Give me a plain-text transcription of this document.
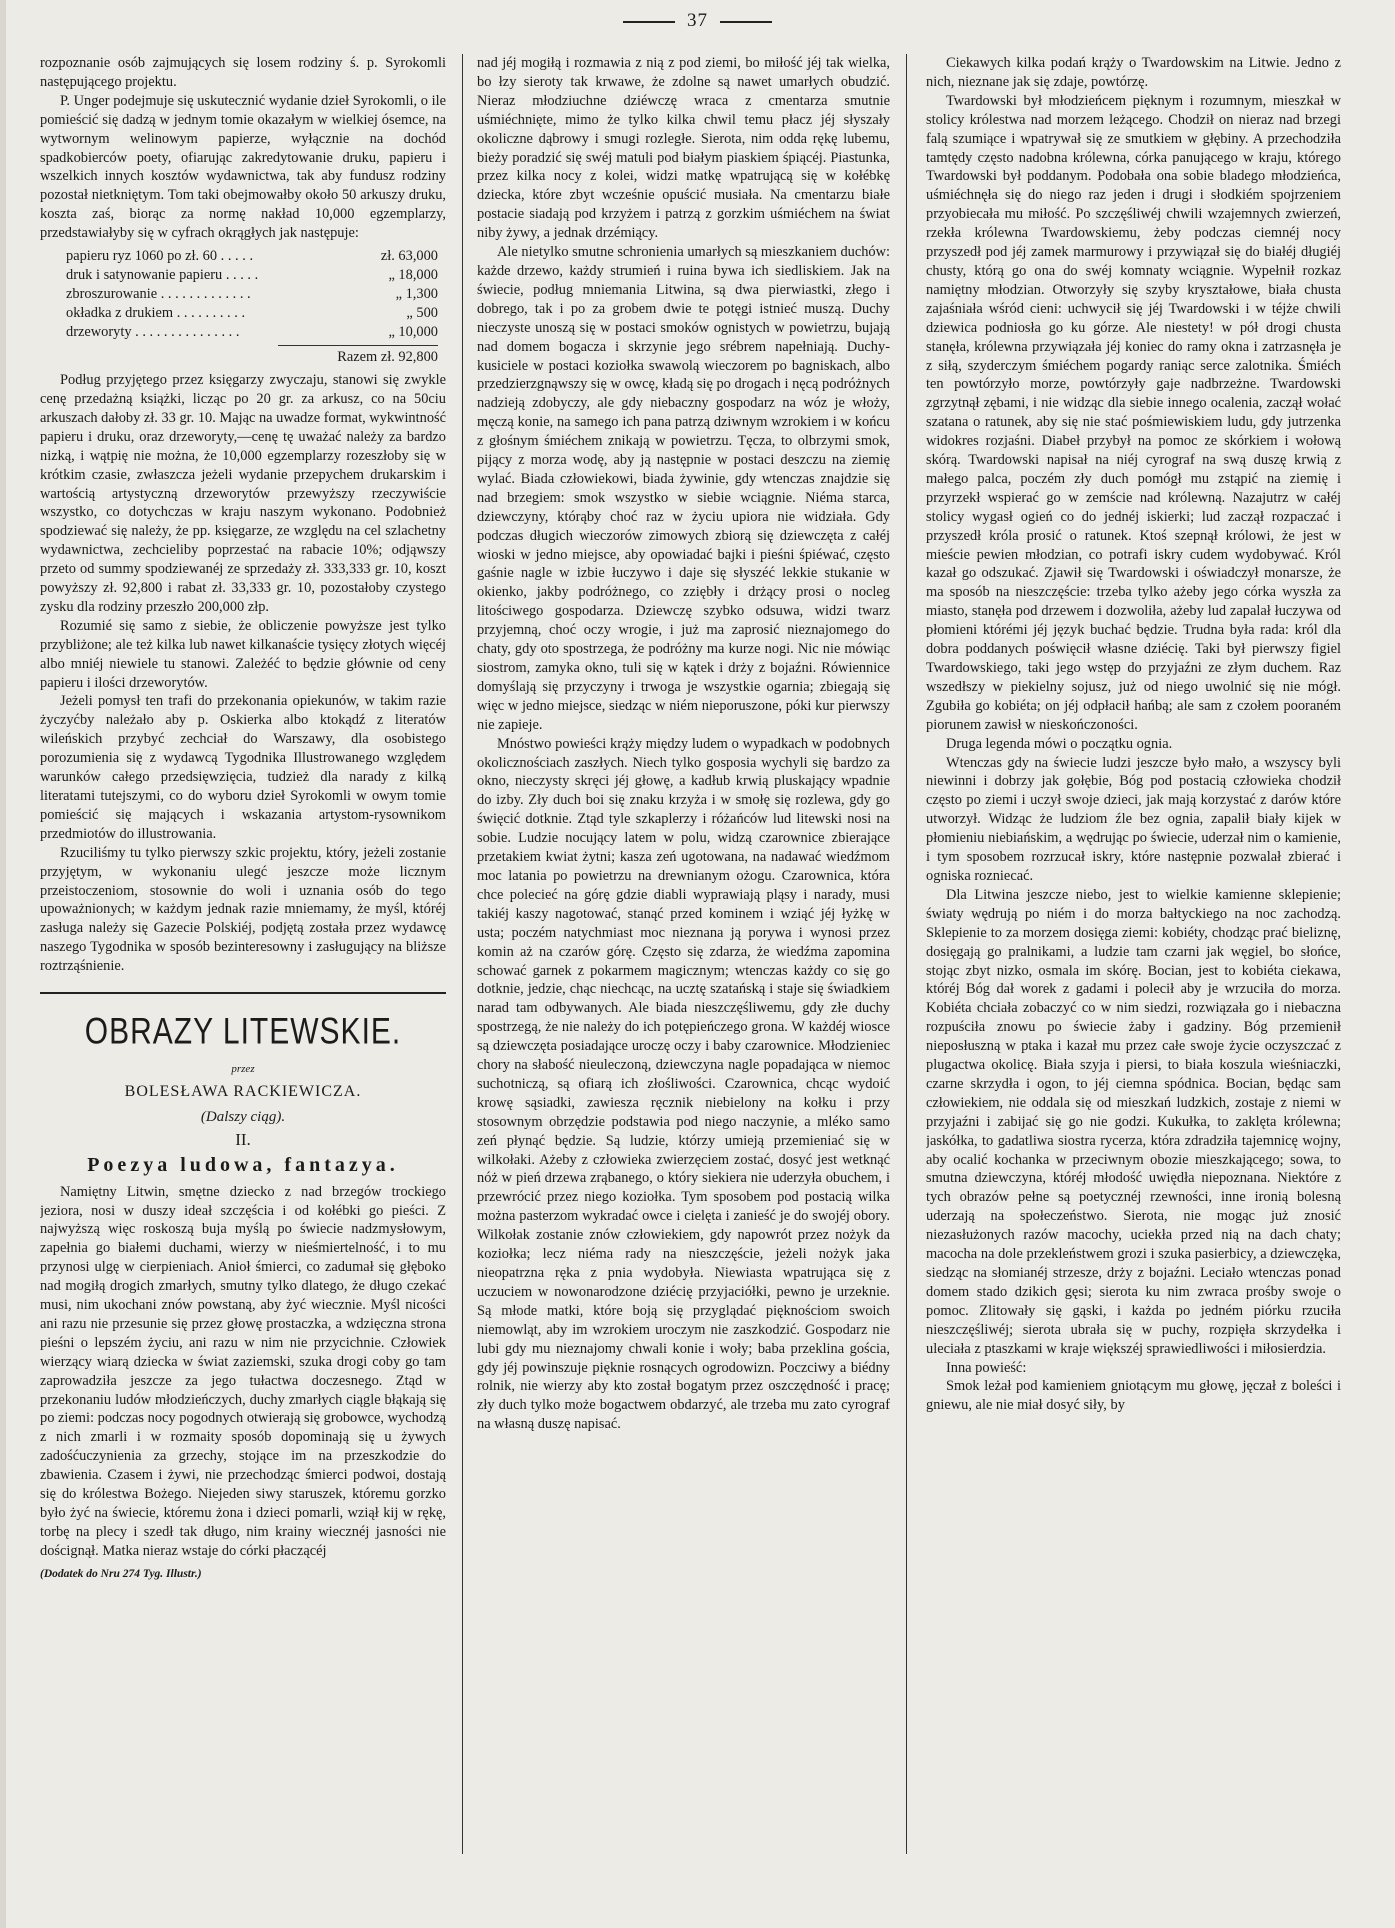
37

rozpoznanie osób zajmujących się losem rodziny ś. p. Syrokomli następującego projektu.

P. Unger podejmuje się uskutecznić wydanie dzieł Syrokomli, o ile pomieścić się dadzą w jednym tomie okazałym w wielkiej ósemce, na wytwornym welinowym papierze, wyłącznie na dochód spadkobierców poety, ofiarując zakredytowanie druku, papieru i wszelkich innych kosztów wydawnictwa, tak aby fundusz rodziny pozostał nietkniętym. Tom taki obejmowałby około 50 arkuszy druku, koszta zaś, biorąc za normę nakład 10,000 egzemplarzy, przedstawiałyby się w cyfrach okrągłych jak następuje:

papieru ryz 1060 po zł. 60 . . . . .	zł. 63,000
druk i satynowanie papieru . . . . .	„ 18,000
zbroszurowanie . . . . . . . . . . . . .	„ 1,300
okładka z drukiem . . . . . . . . . .	„ 500
drzeworyty . . . . . . . . . . . . . . .	„ 10,000
Razem zł. 92,800

Podług przyjętego przez księgarzy zwyczaju, stanowi się zwykle cenę przedażną książki, licząc po 20 gr. za arkusz, co na 50ciu arkuszach dałoby zł. 33 gr. 10. Mając na uwadze format, wykwintność papieru i druku, oraz drzeworyty,—cenę tę uważać należy za bardzo nizką, i wątpię nie można, że 10,000 egzemplarzy rozeszłoby się w krótkim czasie, zwłaszcza jeżeli wydanie przepychem drukarskim i wartością artystyczną drzeworytów przewyższy rzeczywiście wszystko, co dotychczas w kraju naszym wykonano. Podobnież spodziewać się należy, że pp. księgarze, ze względu na cel szlachetny wydawnictwa, zechcieliby poprzestać na rabacie 10%; odjąwszy przeto od summy spodziewanéj ze sprzedaży zł. 333,333 gr. 10, koszt powyższy zł. 92,800 i rabat zł. 33,333 gr. 10, pozostałoby czystego zysku dla rodziny przeszło 200,000 złp.

Rozumié się samo z siebie, że obliczenie powyższe jest tylko przybliżone; ale też kilka lub nawet kilkanaście tysięcy złotych więcéj albo mniéj niewiele tu stanowi. Zależéć to będzie głównie od ceny papieru i ilości drzeworytów.

Jeżeli pomysł ten trafi do przekonania opiekunów, w takim razie życzyćby należało aby p. Oskierka albo ktokądź z literatów wileńskich przybyć zechciał do Warszawy, dla osobistego porozumienia się z wydawcą Tygodnika Illustrowanego względem warunków całego przedsięwzięcia, tudzież dla narady z kilką literatami tutejszymi, co do wyboru dzieł Syrokomli w owym tomie pomieścić się mających i wskazania artystom-rysownikom przedmiotów do illustrowania.

Rzuciliśmy tu tylko pierwszy szkic projektu, który, jeżeli zostanie przyjętym, w wykonaniu ulegć jeszcze może licznym przeistoczeniom, stosownie do woli i uznania osób do tego upoważnionych; w każdym jednak razie mniemamy, że myśl, któréj zasługa należy się Gazecie Polskiéj, podjętą została przez wydawcę naszego Tygodnika w sposób bezinteresowny i zasługujący na bliższe roztrząśnienie.

OBRAZY LITEWSKIE.
przez
BOLESŁAWA RACKIEWICZA.
(Dalszy ciąg).
II.
Poezya ludowa, fantazya.

Namiętny Litwin, smętne dziecko z nad brzegów trockiego jeziora, nosi w duszy ideał szczęścia i od kołébki go pieści. Z najwyższą więc roskoszą buja myślą po świecie nadzmysłowym, zapełnia go białemi duchami, wierzy w nieśmiertelność, i to mu przynosi ulgę w cierpieniach. Anioł śmierci, co zadumał się głęboko nad mogiłą drogich zmarłych, smutny tylko dlatego, że długo czekać musi, nim ukochani znów powstaną, aby żyć wiecznie. Myśl nicości ani razu nie przesunie się przez głowę prostaczka, a wdzięczna strona pieśni o lepszém życiu, ani razu w nim nie przycichnie. Człowiek wierzący wiarą dziecka w świat zaziemski, szuka drogi coby go tam zaprowadziła jeszcze za jego tułactwa doczesnego. Ztąd w przekonaniu ludów młodzieńczych, duchy zmarłych ciągle błąkają się po ziemi: podczas nocy pogodnych otwierają się grobowce, wychodzą z nich zmarli i w rozmaity sposób dopominają się u żywych zadośćuczynienia za grzechy, stojące im na przeszkodzie do zbawienia. Czasem i żywi, nie przechodząc śmierci podwoi, dostają się do królestwa Bożego. Niejeden siwy staruszek, któremu gorzko było żyć na świecie, któremu żona i dzieci pomarli, wziął kij w rękę, torbę na plecy i szedł tak długo, nim krainy wiecznéj jasności nie doścignął. Matka nieraz wstaje do córki płaczącéj

(Dodatek do Nru 274 Tyg. Illustr.)

nad jéj mogiłą i rozmawia z nią z pod ziemi, bo miłość jéj tak wielka, bo łzy sieroty tak krwawe, że zdolne są nawet umarłych obudzić. Nieraz młodziuchne dziéwczę wraca z cmentarza smutnie uśmiéchnięte, mimo że tylko kilka chwil temu płacz jéj słyszały okoliczne dąbrowy i smugi rozległe. Sierota, nim odda rękę lubemu, bieży poradzić się swéj matuli pod białym piaskiem śpiącéj. Piastunka, przez kilka nocy z kolei, widzi matkę wpatrującą się w kołébkę dziecka, które zbyt wcześnie opuścić musiała. Na cmentarzu białe postacie siadają pod krzyżem i patrzą z gorzkim uśmiéchem na świat niby żywy, a jednak drzémiący.

Ale nietylko smutne schronienia umarłych są mieszkaniem duchów: każde drzewo, każdy strumień i ruina bywa ich siedliskiem. Jak na świecie, podług mniemania Litwina, są dwa pierwiastki, złego i dobrego, tak i po za grobem dwie te potęgi istnieć muszą. Duchy nieczyste unoszą się w postaci smoków ognistych w powietrzu, bujają nad domem bogacza i skrzynie jego srébrem napełniają. Duchy-kusiciele w postaci koziołka swawolą wieczorem po bagniskach, albo przedzierzgnąwszy się w owcę, kładą się po drogach i nęcą podróżnych nadzieją zdobyczy, ale gdy niebaczny gospodarz na wóz je włoży, męczą konie, na samego ich pana patrzą dziwnym wzrokiem i w końcu z głośnym śmiéchem znikają w powietrzu. Tęcza, to olbrzymi smok, pijący z morza wodę, aby ją następnie w postaci deszczu na ziemię wylać. Biada człowiekowi, biada żywinie, gdy wtenczas znajdzie się nad brzegiem: smok wszystko w siebie wciągnie. Niéma starca, dziewczyny, którąby choć raz w życiu upiora nie widziała. Gdy podczas długich wieczorów zimowych zbiorą się dziewczęta z całéj wioski w jedno miejsce, aby opowiadać bajki i pieśni śpiéwać, często gaśnie nagle w izbie łuczywo i daje się słyszéć lekkie stukanie w okienko, jakby podróżnego, co zziębły i drżący prosi o nocleg litościwego gospodarza. Dziewczę szybko odsuwa, widzi twarz przyjemną, choć oczy wrogie, i już ma zaprosić nieznajomego do chaty, gdy oto spostrzega, że podróżny ma kurze nogi. Nic nie mówiąc siostrom, zamyka okno, tuli się w kątek i drży z bojaźni. Rówiennice domyślają się przyczyny i trwoga je wszystkie ogarnia; zbiegają się więc w jedno miejsce, siedząc w niém nieporuszone, póki kur pierwszy nie zapieje.

Mnóstwo powieści krąży między ludem o wypadkach w podobnych okolicznościach zaszłych. Niech tylko gosposia wychyli się bardzo za okno, nieczysty skręci jéj głowę, a kadłub krwią pluskający wpadnie do izby. Zły duch boi się znaku krzyża i w smołę się rozlewa, gdy go święcić dotknie. Ztąd tyle szkaplerzy i różańców lud litewski nosi na sobie. Ludzie nocujący latem w polu, widzą czarownice zbierające przetakiem kwiat żytni; kasza zeń ugotowana, na nadawać wiedźmom moc latania po powietrzu na drewnianym ożogu. Czarownica, która chce polecieć na górę gdzie diabli wyprawiają pląsy i narady, musi takiéj kaszy nagotować, stanąć przed kominem i wziąć jéj łyżkę w usta; poczém natychmiast moc nieznana ją porywa i wynosi przez komin aż na czarów górę. Często się zdarza, że wiedźma zapomina schować garnek z pokarmem magicznym; wtenczas każdy co się go dotknie, jedzie, chąc niechcąc, na ucztę szatańską i staje się świadkiem narad tam odbywanych. Ale biada nieszczęśliwemu, gdy złe duchy spostrzegą, że nie należy do ich potępieńczego grona. W każdéj wiosce są dziewczęta posiadające uroczę oczy i baby czarownice. Młodzieniec chory na słabość nieuleczoną, dziewczyna nagle popadająca w niemoc suchotniczą, są ofiarą ich złośliwości. Czarownica, chcąc wydoić krowę sąsiadki, zawiesza ręcznik niebielony na kołku i przy stosownym obrzędzie podstawia pod niego naczynie, a mléko samo zeń płynąć będzie. Są ludzie, którzy umieją przemieniać się w wilkołaki. Ażeby z człowieka zwierzęciem zostać, dosyć jest wetknąć nóż w pień drzewa zrąbanego, o który siekiera nie uderzyła obuchem, i przewrócić przez niego koziołka. Tym sposobem pod postacią wilka można pasterzom wykradać owce i cielęta i zanieść je do swojéj obory. Wilkołak zostanie znów człowiekiem, gdy napowrót przez nożyk da koziołka; lecz niéma rady na nieszczęście, jeżeli nożyk jaka nieopatrzna ręka z pnia wydobyła. Niewiasta wpatrująca się z uczuciem w nowonarodzone dziécię przyjaciółki, pewno je urzeknie. Są młode matki, które boją się przyglądać pięknościom swoich niemowląt, aby im wzrokiem uroczym nie zaszkodzić. Gospodarz nie lubi gdy mu nieznajomy chwali konie i woły; baba przeklina gościa, gdy jéj powinszuje pięknie rosnących ogrodowizn. Poczciwy a biédny rolnik, nie wierzy aby kto został bogatym przez oszczędność i pracę; zły duch tylko może bogactwem obdarzyć, ale trzeba mu zato cyrograf na własną duszę napisać.

Ciekawych kilka podań krąży o Twardowskim na Litwie. Jedno z nich, nieznane jak się zdaje, powtórzę.

Twardowski był młodzieńcem pięknym i rozumnym, mieszkał w stolicy królestwa nad morzem leżącego. Chodził on nieraz nad brzegi falą szumiące i wpatrywał się ze smutkiem w głębiny. A przechodziła tamtędy często nadobna królewna, córka panującego w kraju, którego Twardowski był poddanym. Podobała ona sobie bladego młodzieńca, uśmiéchnęła się do niego raz jeden i drugi i słodkiém spojrzeniem przyobiecała mu miłość. Po szczęśliwéj chwili wzajemnych zwierzeń, rzekła królewna Twardowskiemu, żeby podczas ciemnéj nocy przyszedł pod jéj zamek marmurowy i przywiązał się do białéj długiéj chusty, którą go ona do swéj komnaty wciągnie. Wypełnił rozkaz namiętny młodzian. Otworzyły się szyby kryształowe, biała chusta zajaśniała wśród cieni: uchwycił się jéj Twardowski i w téjże chwili dziewica podniosła go ku górze. Ale niestety! w pół drogi chusta stanęła, królewna przywiązała jéj koniec do ramy okna i zatrzasnęła je z siłą, szyderczym śmiéchem pogardy raniąc serce zalotnika. Śmiéch ten powtórzyło morze, powtórzyły gaje nadbrzeżne. Twardowski zgrzytnął zębami, i nie widząc dla siebie innego ocalenia, zaczął wołać szatana o ratunek, aby się nie stać pośmiewiskiem ludu, gdy jutrzenka widokres rozjaśni. Diabeł przybył na pomoc ze skórkiem i wołową skórą. Twardowski napisał na niéj cyrograf na swą duszę krwią z małego palca, poczém zły duch pomógł mu zstąpić na ziemię i przyrzekł wspierać go w zemście nad królewną. Nazajutrz w całéj stolicy wygasł ogień co do jednéj iskierki; lud zaczął rozpaczać i przyszedł króla prosić o ratunek. Ktoś szepnął królowi, że jest w mieście pewien młodzian, co potrafi iskry cudem wydobywać. Król kazał go odszukać. Zjawił się Twardowski i oświadczył monarsze, że ma sposób na nieszczęście: trzeba tylko ażeby jego córka wyszła za miasto, stanęła pod drzewem i dozwoliła, ażeby lud zapalał łuczywa od płomieni którémi jéj język buchać będzie. Trudna była rada: król dla dobra poddanych poświęcił własne dziécię. Taki był pierwszy figiel Twardowskiego, taki jego wstęp do przyjaźni ze złym duchem. Raz wszedłszy w piekielny sojusz, już od niego uwolnić się nie mógł. Zgubiła go kobiéta; on jéj odpłacił hańbą; ale sam z czołem pooraném piorunem zawisł w nieskończoności.

Druga legenda mówi o początku ognia.

Wtenczas gdy na świecie ludzi jeszcze było mało, a wszyscy byli niewinni i dobrzy jak gołębie, Bóg pod postacią człowieka chodził często po ziemi i uczył swoje dzieci, jak mają korzystać z darów które utworzył. Widząc że ludziom źle bez ognia, zapalił biały kijek w płomieniu niebiańskim, a wędrując po świecie, uderzał nim o kamienie, i tym sposobem rozrzucał iskry, które następnie pozwalał zbierać i ogniska rozniecać.

Dla Litwina jeszcze niebo, jest to wielkie kamienne sklepienie; światy wędrują po niém i do morza bałtyckiego na noc zachodzą. Sklepienie to za morzem dosięga ziemi: kobiéty, chodząc prać bieliznę, dosięgają go pralnikami, a ludzie tam czarni jak węgiel, bo słońce, stojąc zbyt nizko, osmala im skórę. Bocian, jest to kobiéta ciekawa, któréj Bóg dał worek z gadami i polecił aby je wrzuciła do morza. Kobiéta chciała zobaczyć co w nim siedzi, rozwiązała go i niebaczna rozpuściła znowu po świecie żaby i gadziny. Bóg przemienił nieposłuszną w ptaka i kazał mu przez całe swoje życie oczyszczać z plugactwa okolicę. Biała szyja i piersi, to biała koszula wieśniaczki, czarne skrzydła i ogon, to jéj ciemna spódnica. Bocian, będąc sam człowiekiem, nie oddala się od mieszkań ludzkich, zostaje z niemi w przyjaźni i zabijać się go nie godzi. Kukułka, to zaklęta królewna; jaskółka, to gadatliwa siostra rycerza, która zdradziła tajemnicę wojny, aby ocalić kochanka w przeciwnym obozie mieszkającego; sowa, to smutna dziewczyna, któréj młodość uwiędła niepoznana. Niektóre z tych obrazów pełne są poetycznéj rzewności, inne ironią bolesną uderzają na społeczeństwo. Sierota, nie mogąc już znosić niezasłużonych razów macochy, uciekła przed nią na dach chaty; macocha na dole przekleństwem grozi i szuka pasierbicy, a dziewczęka, siedząc na słomianéj strzesze, drży z bojaźni. Leciało wtenczas ponad domem stado dzikich gęsi; sierota ku nim zwraca prośby swoje o pomoc. Zlitowały się gąski, i każda po jedném piórku rzuciła nieszczęśliwéj; sierota ubrała się w puchy, rozpięła skrzydełka i uleciała z ptaszkami w kraje większéj sprawiedliwości i miłosierdzia.

Inna powieść:

Smok leżał pod kamieniem gniotącym mu głowę, jęczał z boleści i gniewu, ale nie miał dosyć siły, by
